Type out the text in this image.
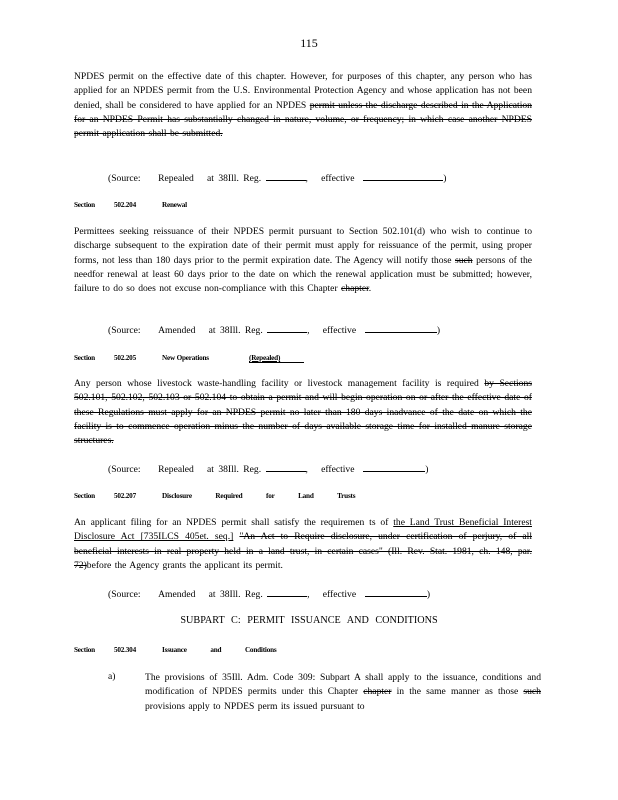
115
NPDES permit on the effective date of this chapter. However, for purposes of this chapter, any person who has applied for an NPDES permit from the U.S. Environmental Protection Agency and whose application has not been denied, shall be considered to have applied for an NPDES permit unless the discharge described in the Application for an NPDES Permit has substantially changed in nature, volume, or frequency; in which case another NPDES permit application shall be submitted.
(Source: Repealed at 38Ill. Reg.	,   effective	)
Section	502.204	Renewal
Permittees seeking reissuance of their NPDES permit pursuant to Section 502.101(d) who wish to continue to discharge subsequent to the expiration date of their permit must apply for reissuance of the permit, using proper forms, not less than 180 days prior to the permit expiration date. The Agency will notify those such persons of the needfor renewal at least 60 days prior to the date on which the renewal application must be submitted; however, failure to do so does not excuse non-compliance with this Chapter chapter.
(Source: Amended at 38Ill. Reg.	,   effective	)
Section	502.205	New Operations	(Repealed)
Any person whose livestock waste-handling facility or livestock management facility is required by Sections 502.101, 502.102, 502.103 or 502.104 to obtain a permit and will begin operation on or after the effective date of these Regulations must apply for an NPDES permit no later than 180 days inadvance of the date on which the facility is to commence operation minus the number of days available storage time for installed manure storage structures.
(Source: Repealed at 38Ill. Reg.	,   effective	)
Section	502.207	Disclosure Required for Land Trusts
An applicant filing for an NPDES permit shall satisfy the requiremen ts of the Land Trust Beneficial Interest Disclosure Act [735ILCS 405et. seq.] "An Act to Require disclosure, under certification of perjury, of all beneficial interests in real property held in a land trust, in certain cases" (Ill. Rev. Stat. 1981, ch. 148, par. 72)before the Agency grants the applicant its permit.
(Source: Amended at 38Ill. Reg.	,   effective	)
SUBPART C: PERMIT ISSUANCE AND CONDITIONS
Section	502.304	Issuance and Conditions
a)	The provisions of 35Ill. Adm. Code 309: Subpart A shall apply to the issuance, conditions and modification of NPDES permits under this Chapter chapter in the same manner as those such provisions apply to NPDES perm its issued pursuant to
